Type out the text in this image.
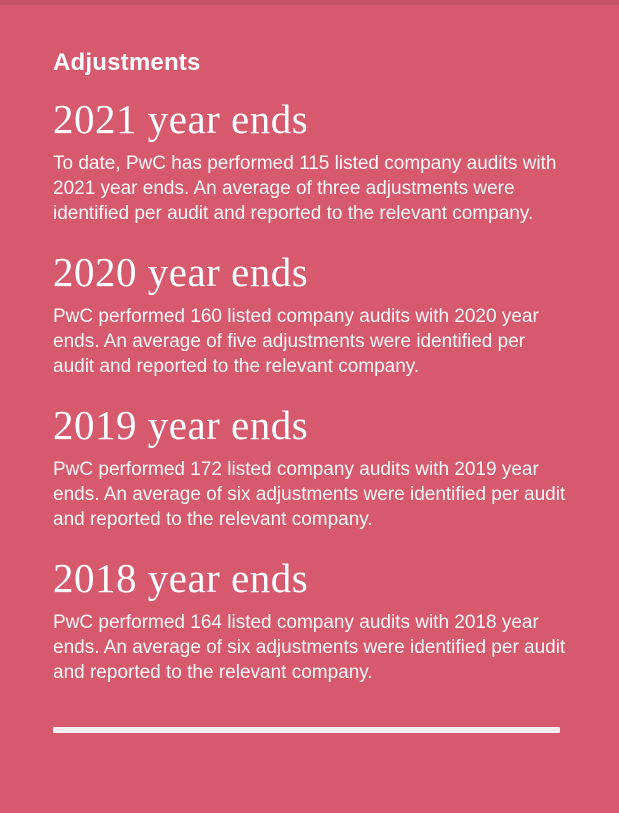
Adjustments
2021 year ends

To date, PwC has performed 115 listed company audits with 2021 year ends. An average of three adjustments were identified per audit and reported to the relevant company.

2020 year ends

PwC performed 160 listed company audits with 2020 year ends. An average of five adjustments were identified per audit and reported to the relevant company.

2019 year ends

PwC performed 172 listed company audits with 2019 year ends. An average of six adjustments were identified per audit and reported to the relevant company.

2018 year ends

PwC performed 164 listed company audits with 2018 year ends. An average of six adjustments were identified per audit and reported to the relevant company.
